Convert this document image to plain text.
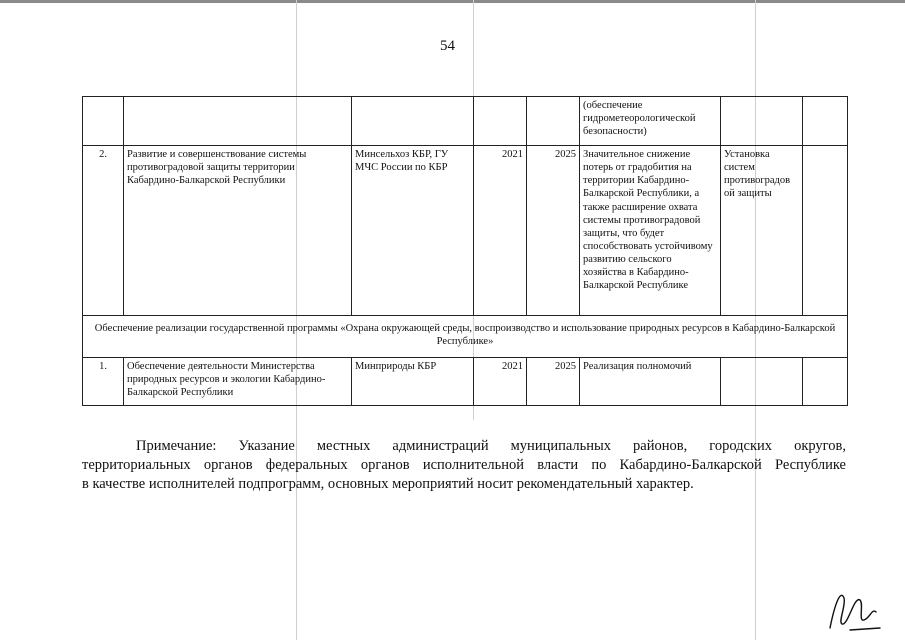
54
					(обеспечение гидрометеорологической безопасности)		
2.	Развитие и совершенствование системы противоградовой защиты территории Кабардино-Балкарской Республики	Минсельхоз КБР, ГУ МЧС России по КБР	2021	2025	Значительное снижение потерь от градобития на территории Кабардино-Балкарской Республики, а также расширение охвата системы противоградовой защиты, что будет способствовать устойчивому развитию сельского хозяйства в Кабардино-Балкарской Республике	Установка систем противоградов ой защиты	
Обеспечение реализации государственной программы «Охрана окружающей среды, воспроизводство и использование природных ресурсов в Кабардино-Балкарской Республике»							
1.	Обеспечение деятельности Министерства природных ресурсов и экологии Кабардино-Балкарской Республики	Минприроды КБР	2021	2025	Реализация полномочий		
Примечание: Указание местных администраций муниципальных районов, городских округов,
территориальных органов федеральных органов исполнительной власти по Кабардино-Балкарской Республике
в качестве исполнителей подпрограмм, основных мероприятий носит рекомендательный характер.
